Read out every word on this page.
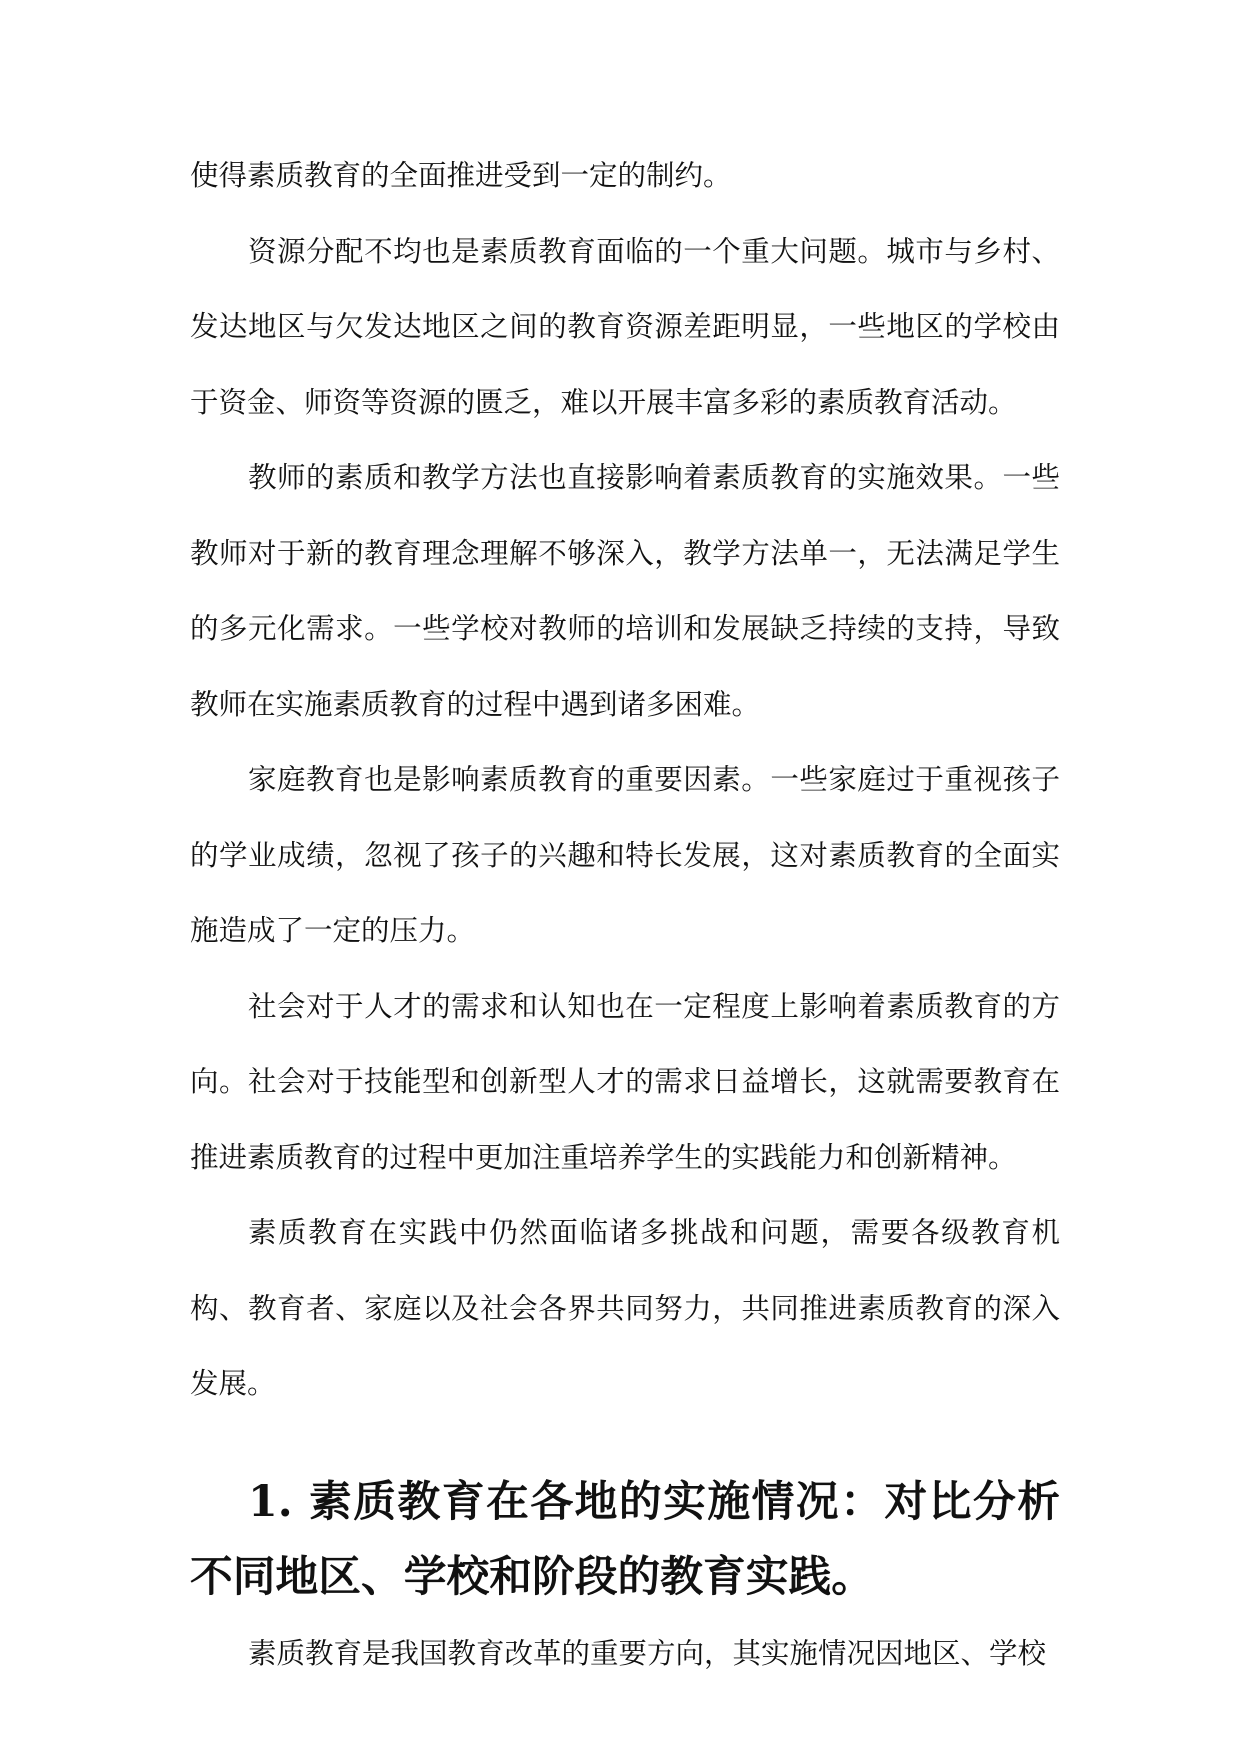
使得素质教育的全面推进受到一定的制约。

资源分配不均也是素质教育面临的一个重大问题。城市与乡村、发达地区与欠发达地区之间的教育资源差距明显，一些地区的学校由于资金、师资等资源的匮乏，难以开展丰富多彩的素质教育活动。

教师的素质和教学方法也直接影响着素质教育的实施效果。一些教师对于新的教育理念理解不够深入，教学方法单一，无法满足学生的多元化需求。一些学校对教师的培训和发展缺乏持续的支持，导致教师在实施素质教育的过程中遇到诸多困难。

家庭教育也是影响素质教育的重要因素。一些家庭过于重视孩子的学业成绩，忽视了孩子的兴趣和特长发展，这对素质教育的全面实施造成了一定的压力。

社会对于人才的需求和认知也在一定程度上影响着素质教育的方向。社会对于技能型和创新型人才的需求日益增长，这就需要教育在推进素质教育的过程中更加注重培养学生的实践能力和创新精神。

素质教育在实践中仍然面临诸多挑战和问题，需要各级教育机构、教育者、家庭以及社会各界共同努力，共同推进素质教育的深入发展。

1. 素质教育在各地的实施情况：对比分析不同地区、学校和阶段的教育实践。

素质教育是我国教育改革的重要方向，其实施情况因地区、学校
